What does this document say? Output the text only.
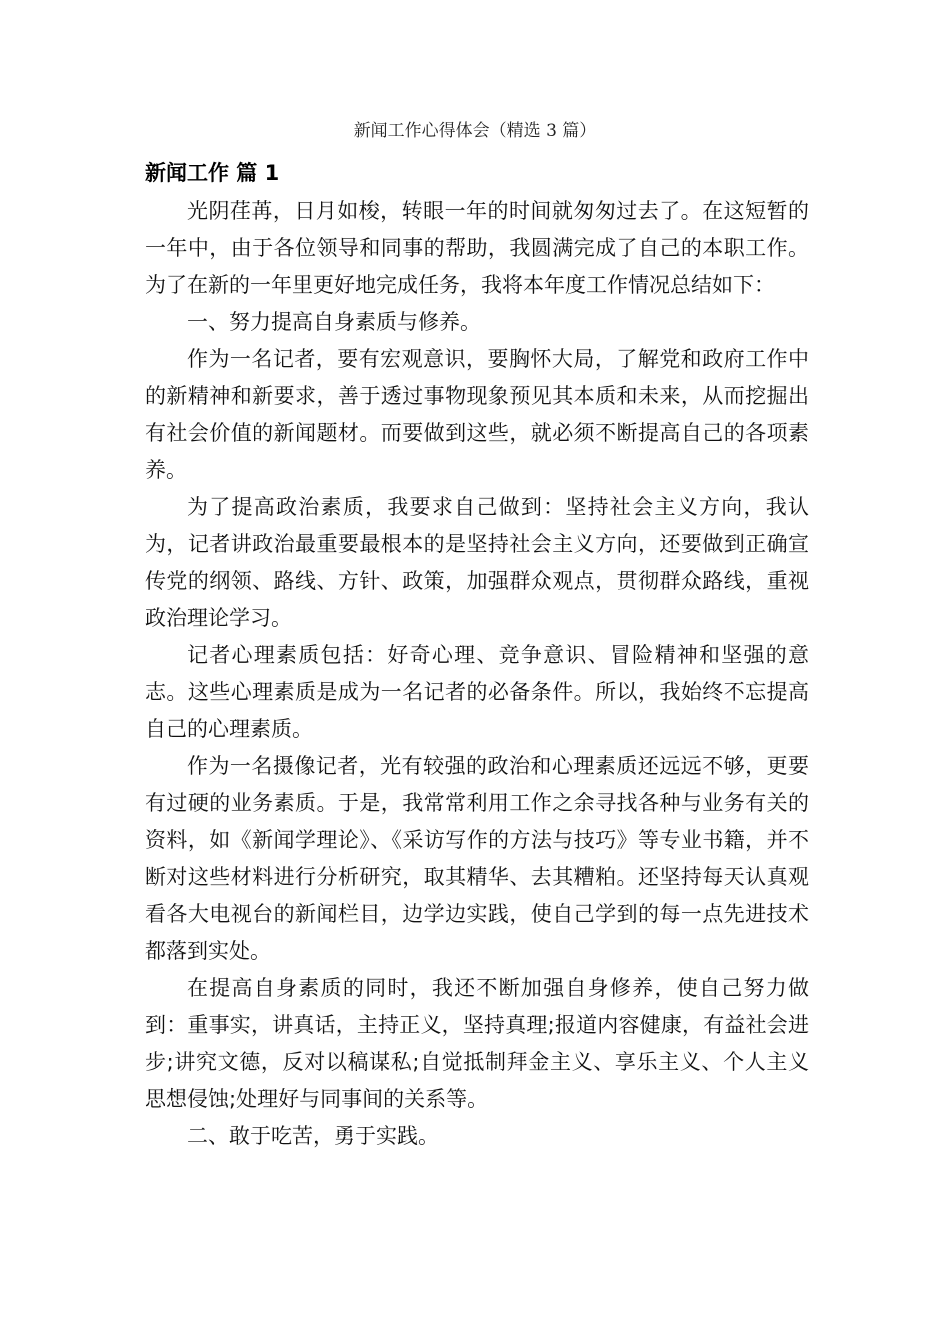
新闻工作心得体会（精选 3 篇）
新闻工作 篇 1

光阴荏苒，日月如梭，转眼一年的时间就匆匆过去了。在这短暂的一年中，由于各位领导和同事的帮助，我圆满完成了自己的本职工作。为了在新的一年里更好地完成任务，我将本年度工作情况总结如下：

一、努力提高自身素质与修养。

作为一名记者，要有宏观意识，要胸怀大局，了解党和政府工作中的新精神和新要求，善于透过事物现象预见其本质和未来，从而挖掘出有社会价值的新闻题材。而要做到这些，就必须不断提高自己的各项素养。

为了提高政治素质，我要求自己做到：坚持社会主义方向，我认为，记者讲政治最重要最根本的是坚持社会主义方向，还要做到正确宣传党的纲领、路线、方针、政策，加强群众观点，贯彻群众路线，重视政治理论学习。

记者心理素质包括：好奇心理、竞争意识、冒险精神和坚强的意志。这些心理素质是成为一名记者的必备条件。所以，我始终不忘提高自己的心理素质。

作为一名摄像记者，光有较强的政治和心理素质还远远不够，更要有过硬的业务素质。于是，我常常利用工作之余寻找各种与业务有关的资料，如《新闻学理论》、《采访写作的方法与技巧》等专业书籍，并不断对这些材料进行分析研究，取其精华、去其糟粕。还坚持每天认真观看各大电视台的新闻栏目，边学边实践，使自己学到的每一点先进技术都落到实处。

在提高自身素质的同时，我还不断加强自身修养，使自己努力做到：重事实，讲真话，主持正义，坚持真理;报道内容健康，有益社会进步;讲究文德，反对以稿谋私;自觉抵制拜金主义、享乐主义、个人主义思想侵蚀;处理好与同事间的关系等。

二、敢于吃苦，勇于实践。
